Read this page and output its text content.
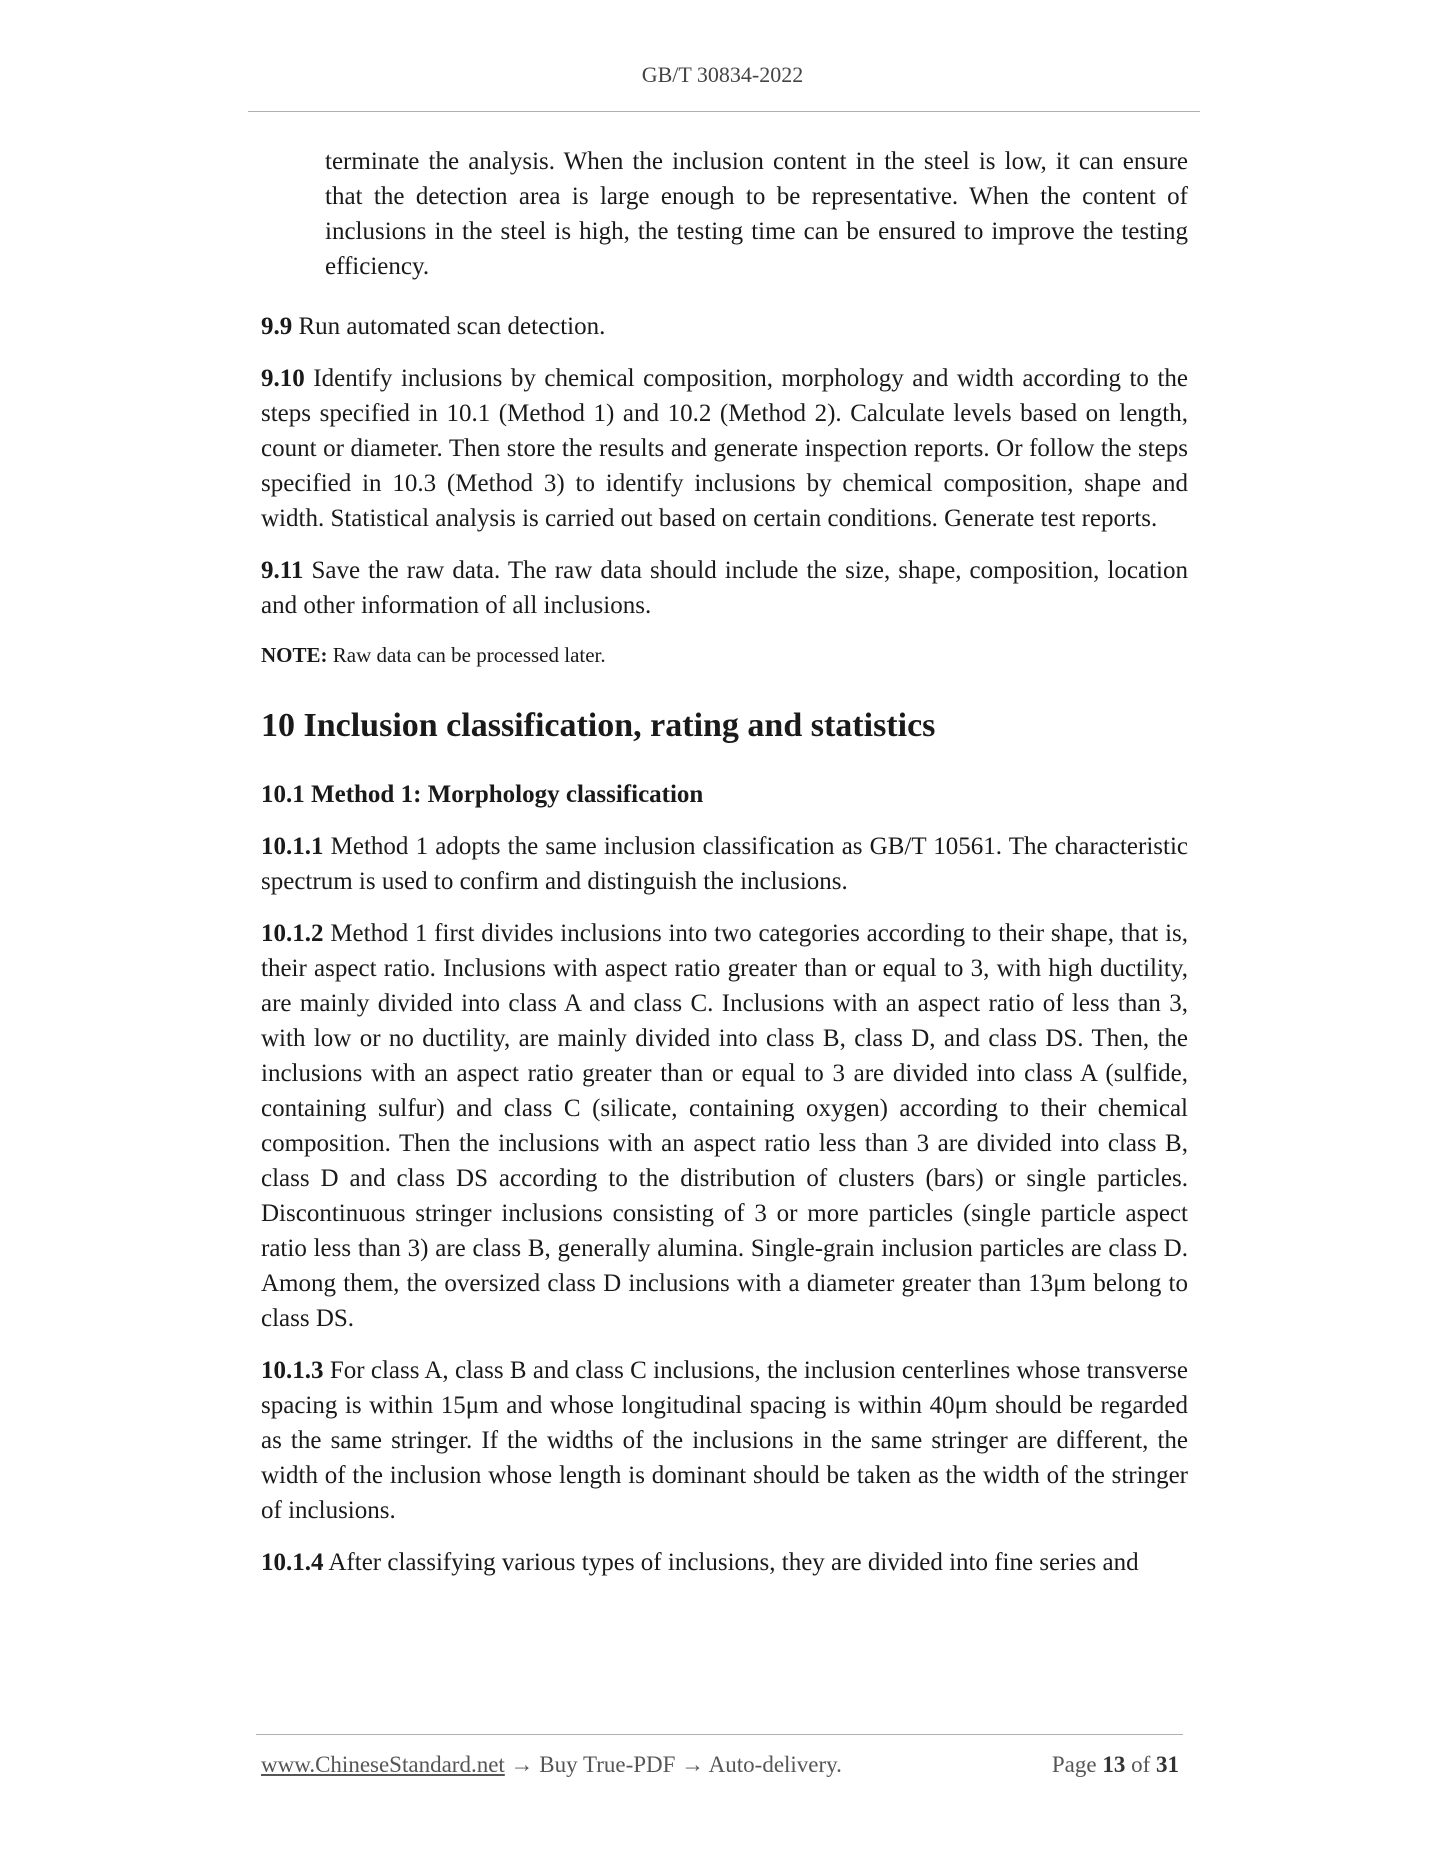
GB/T 30834-2022

terminate the analysis. When the inclusion content in the steel is low, it can ensure that the detection area is large enough to be representative. When the content of inclusions in the steel is high, the testing time can be ensured to improve the testing efficiency.

9.9 Run automated scan detection.

9.10 Identify inclusions by chemical composition, morphology and width according to the steps specified in 10.1 (Method 1) and 10.2 (Method 2). Calculate levels based on length, count or diameter. Then store the results and generate inspection reports. Or follow the steps specified in 10.3 (Method 3) to identify inclusions by chemical composition, shape and width. Statistical analysis is carried out based on certain conditions. Generate test reports.

9.11 Save the raw data. The raw data should include the size, shape, composition, location and other information of all inclusions.

NOTE: Raw data can be processed later.

10 Inclusion classification, rating and statistics
10.1 Method 1: Morphology classification

10.1.1 Method 1 adopts the same inclusion classification as GB/T 10561. The characteristic spectrum is used to confirm and distinguish the inclusions.

10.1.2 Method 1 first divides inclusions into two categories according to their shape, that is, their aspect ratio. Inclusions with aspect ratio greater than or equal to 3, with high ductility, are mainly divided into class A and class C. Inclusions with an aspect ratio of less than 3, with low or no ductility, are mainly divided into class B, class D, and class DS. Then, the inclusions with an aspect ratio greater than or equal to 3 are divided into class A (sulfide, containing sulfur) and class C (silicate, containing oxygen) according to their chemical composition. Then the inclusions with an aspect ratio less than 3 are divided into class B, class D and class DS according to the distribution of clusters (bars) or single particles. Discontinuous stringer inclusions consisting of 3 or more particles (single particle aspect ratio less than 3) are class B, generally alumina. Single-grain inclusion particles are class D. Among them, the oversized class D inclusions with a diameter greater than 13μm belong to class DS.

10.1.3 For class A, class B and class C inclusions, the inclusion centerlines whose transverse spacing is within 15μm and whose longitudinal spacing is within 40μm should be regarded as the same stringer. If the widths of the inclusions in the same stringer are different, the width of the inclusion whose length is dominant should be taken as the width of the stringer of inclusions.

10.1.4 After classifying various types of inclusions, they are divided into fine series and

www.ChineseStandard.net → Buy True-PDF → Auto-delivery.	Page 13 of 31
